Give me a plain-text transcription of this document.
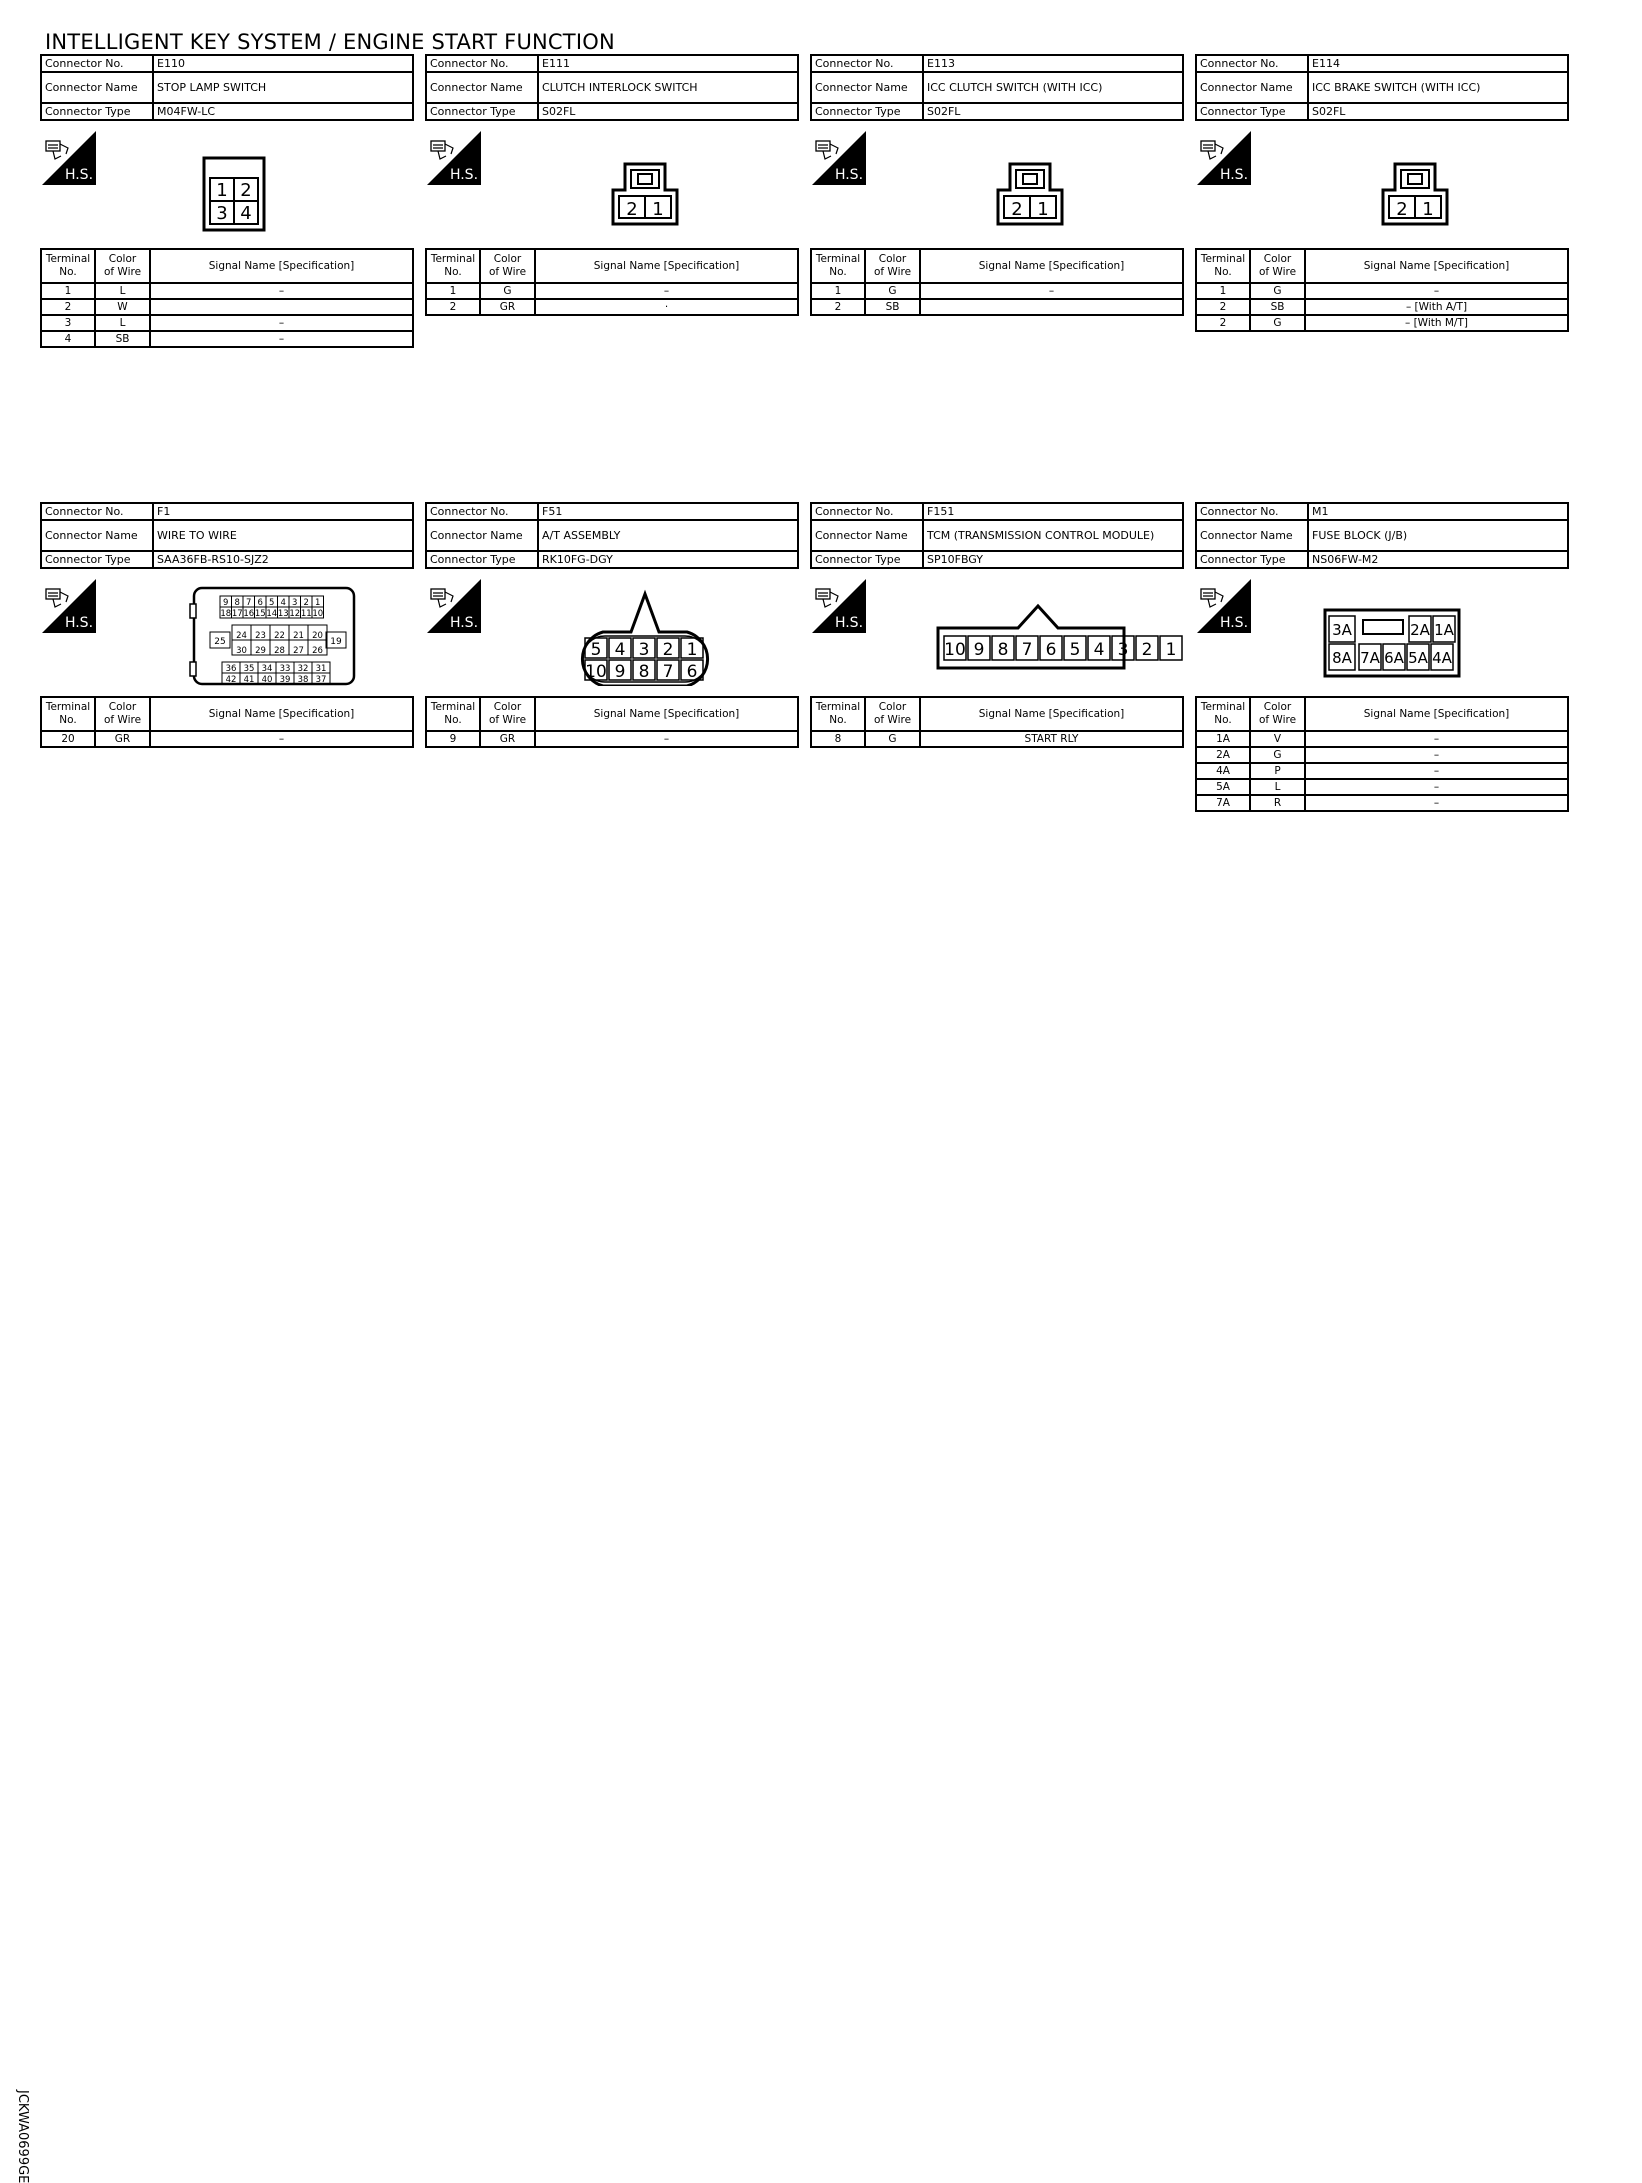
INTELLIGENT KEY SYSTEM / ENGINE START FUNCTION
Connector No.	E110
Connector Name	STOP LAMP SWITCH
Connector Type	M04FW-LC
H.S.
1 2
3 4
Terminal
No.	Color
of Wire	Signal Name [Specification]
1	L	–
2	W	
3	L	–
4	SB	–
Connector No.	E111
Connector Name	CLUTCH INTERLOCK SWITCH
Connector Type	S02FL
H.S.
2 1
Terminal
No.	Color
of Wire	Signal Name [Specification]
1	G	–
2	GR	·
Connector No.	E113
Connector Name	ICC CLUTCH SWITCH (WITH ICC)
Connector Type	S02FL
H.S.
2 1
Terminal
No.	Color
of Wire	Signal Name [Specification]
1	G	–
2	SB	
Connector No.	E114
Connector Name	ICC BRAKE SWITCH (WITH ICC)
Connector Type	S02FL
H.S.
2 1
Terminal
No.	Color
of Wire	Signal Name [Specification]
1	G	–
2	SB	– [With A/T]
2	G	– [With M/T]
Connector No.	F1
Connector Name	WIRE TO WIRE
Connector Type	SAA36FB-RS10-SJZ2
H.S.
9 8 7 6 5 4 3 2 1
18 17 16 15 14 13 12 11 10
24 23 22 21 20
30 29 28 27 26
36 35 34 33 32 31
42 41 40 39 38 37
25	19
Terminal
No.	Color
of Wire	Signal Name [Specification]
20	GR	–
Connector No.	F51
Connector Name	A/T ASSEMBLY
Connector Type	RK10FG-DGY
H.S.
5
10
4
9
3
8
2
7
1
6
Terminal
No.	Color
of Wire	Signal Name [Specification]
9	GR	–
Connector No.	F151
Connector Name	TCM (TRANSMISSION CONTROL MODULE)
Connector Type	SP10FBGY
H.S.
10 9 8 7 6 5 4 3 2 1
Terminal
No.	Color
of Wire	Signal Name [Specification]
8	G	START RLY
Connector No.	M1
Connector Name	FUSE BLOCK (J/B)
Connector Type	NS06FW-M2
H.S.	3A	2A 1A
8A 7A 6A 5A 4A
Terminal
No.	Color
of Wire	Signal Name [Specification]
1A	V	–
2A	G	–
4A	P	–
5A	L	–
7A	R	–
JCKWA0699GE
